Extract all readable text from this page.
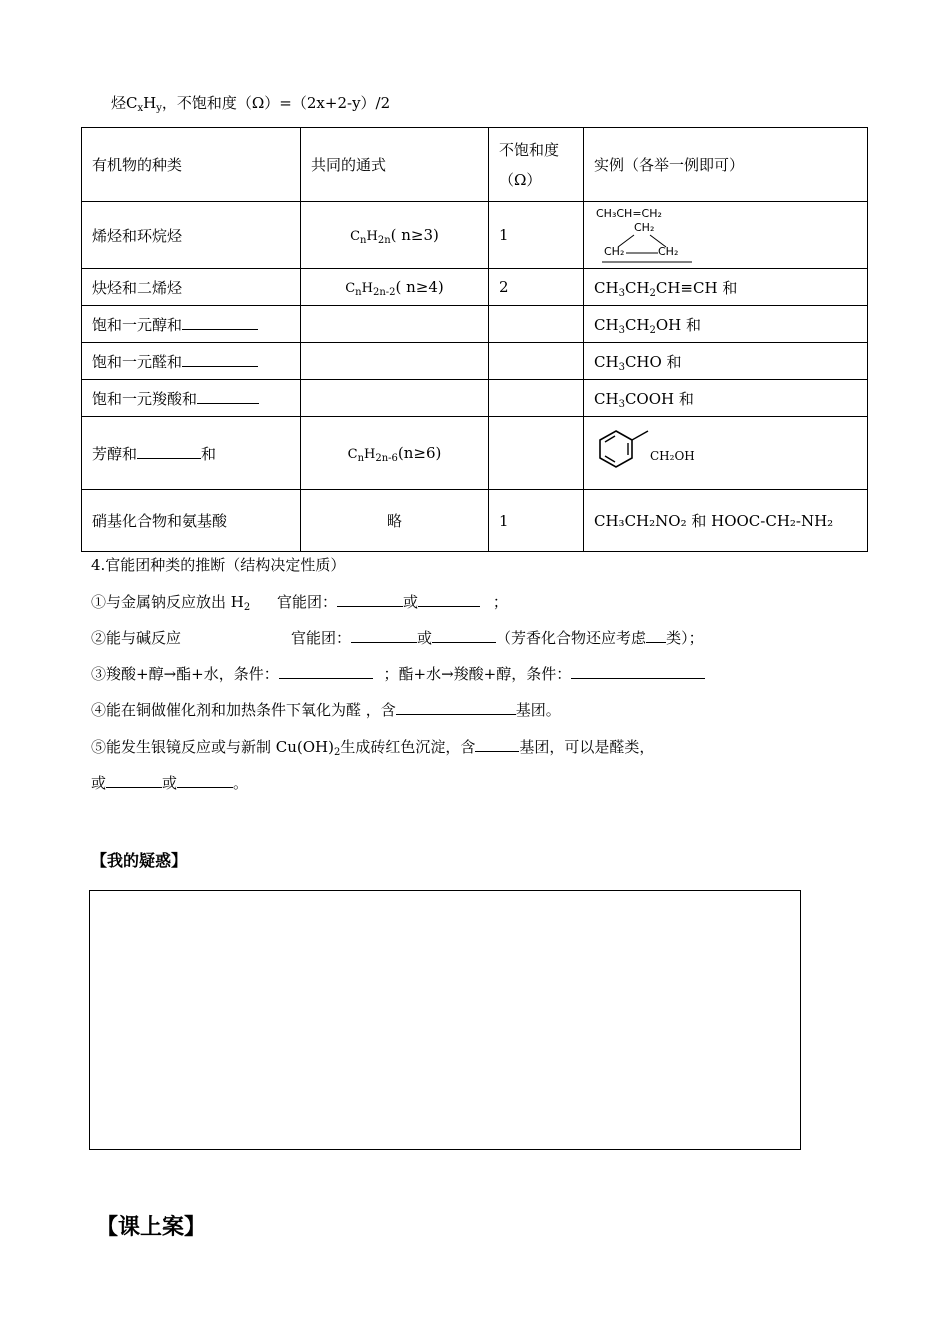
烃$C_xH_y$，不饱和度（Ω）=（2x+2-y）/2
有机物的种类	共同的通式	不饱和度（Ω）	实例（各举一例即可）
烯烃和环烷烃	$C_nH_{2n}$( n≥3)	1	CH₃CH=CH₂
CH₂
CH₂ CH₂

炔烃和二烯烃	$C_nH_{2n-2}$( n≥4)	2	$CH_3CH_2CH\equiv CH$ 和
饱和一元醇和			$CH_3CH_2OH$ 和
饱和一元醛和			$CH_3CHO$ 和
饱和一元羧酸和			$CH_3COOH$ 和
芳醇和 和	$C_nH_{2n-6}(n\ge 6)$		CH₂OH

硝基化合物和氨基酸	略	1	CH₃CH₂NO₂ 和 HOOC-CH₂-NH₂
4.官能团种类的推断（结构决定性质）
①与金属钠反应放出 $H_2$ 官能团：	或	；
②能与碱反应	官能团：	或	（芳香化合物还应考虑 类）；
③羧酸+醇→酯+水，条件：	；酯+水→羧酸+醇，条件：
④能在铜做催化剂和加热条件下氧化为醛 ，含	基团。
⑤能发生银镜反应或与新制 $Cu(OH)_2$生成砖红色沉淀，含	基团，可以是醛类，
或	或	。
【我的疑惑】
【课上案】
